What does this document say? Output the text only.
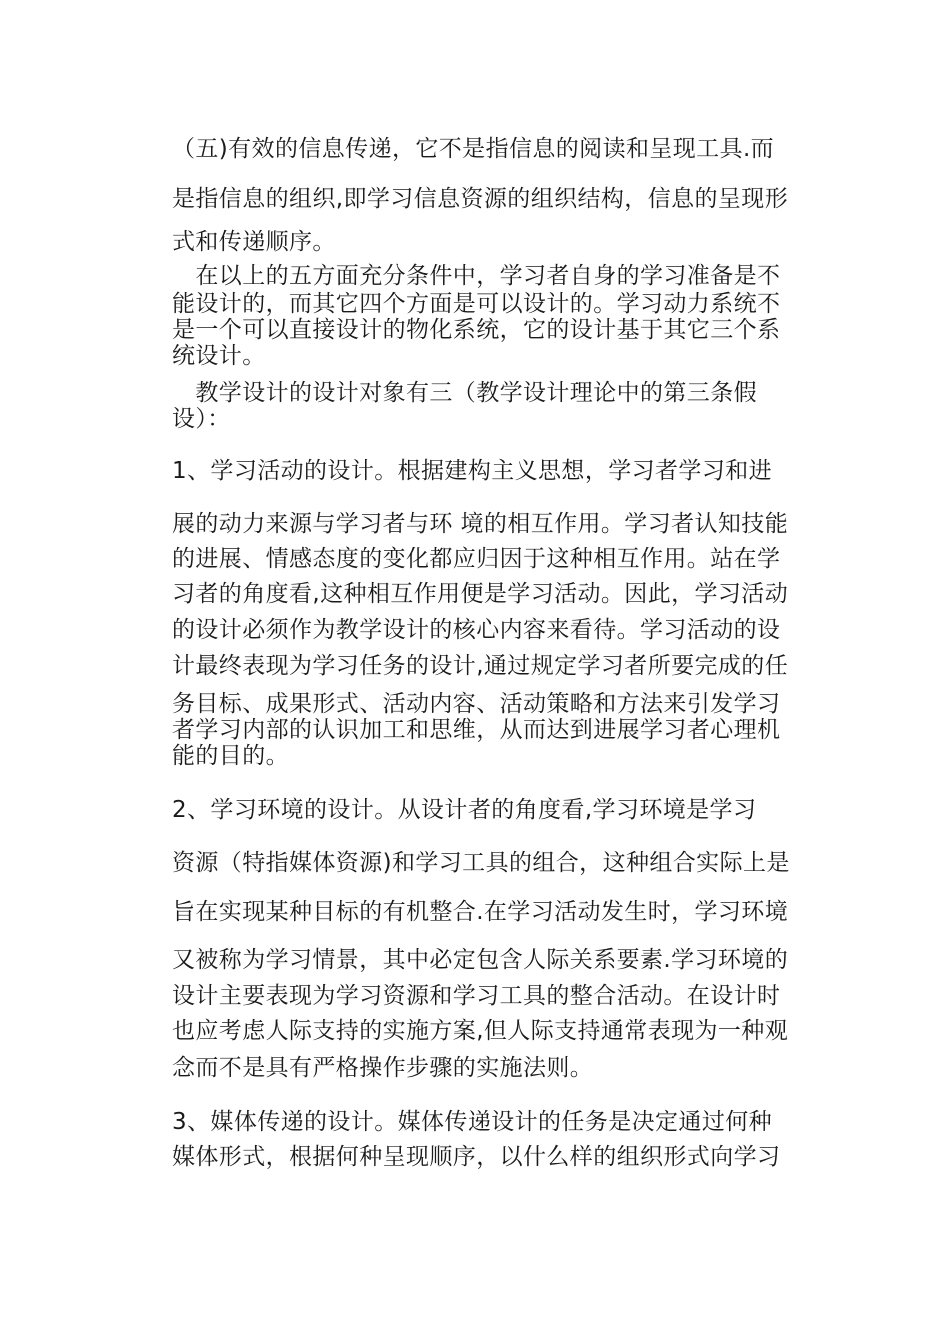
（五)有效的信息传递，它不是指信息的阅读和呈现工具.而
是指信息的组织,即学习信息资源的组织结构，信息的呈现形
式和传递顺序。
　在以上的五方面充分条件中，学习者自身的学习准备是不
能设计的，而其它四个方面是可以设计的。学习动力系统不
是一个可以直接设计的物化系统，它的设计基于其它三个系
统设计。
　教学设计的设计对象有三（教学设计理论中的第三条假
设）：
1、学习活动的设计。根据建构主义思想，学习者学习和进
展的动力来源与学习者与环 境的相互作用。学习者认知技能
的进展、情感态度的变化都应归因于这种相互作用。站在学
习者的角度看,这种相互作用便是学习活动。因此，学习活动
的设计必须作为教学设计的核心内容来看待。学习活动的设
计最终表现为学习任务的设计,通过规定学习者所要完成的任
务目标、成果形式、活动内容、活动策略和方法来引发学习
者学习内部的认识加工和思维，从而达到进展学习者心理机
能的目的。
2、学习环境的设计。从设计者的角度看,学习环境是学习
资源（特指媒体资源)和学习工具的组合，这种组合实际上是
旨在实现某种目标的有机整合.在学习活动发生时，学习环境
又被称为学习情景，其中必定包含人际关系要素.学习环境的
设计主要表现为学习资源和学习工具的整合活动。在设计时
也应考虑人际支持的实施方案,但人际支持通常表现为一种观
念而不是具有严格操作步骤的实施法则。
3、媒体传递的设计。媒体传递设计的任务是决定通过何种
媒体形式，根据何种呈现顺序，以什么样的组织形式向学习
